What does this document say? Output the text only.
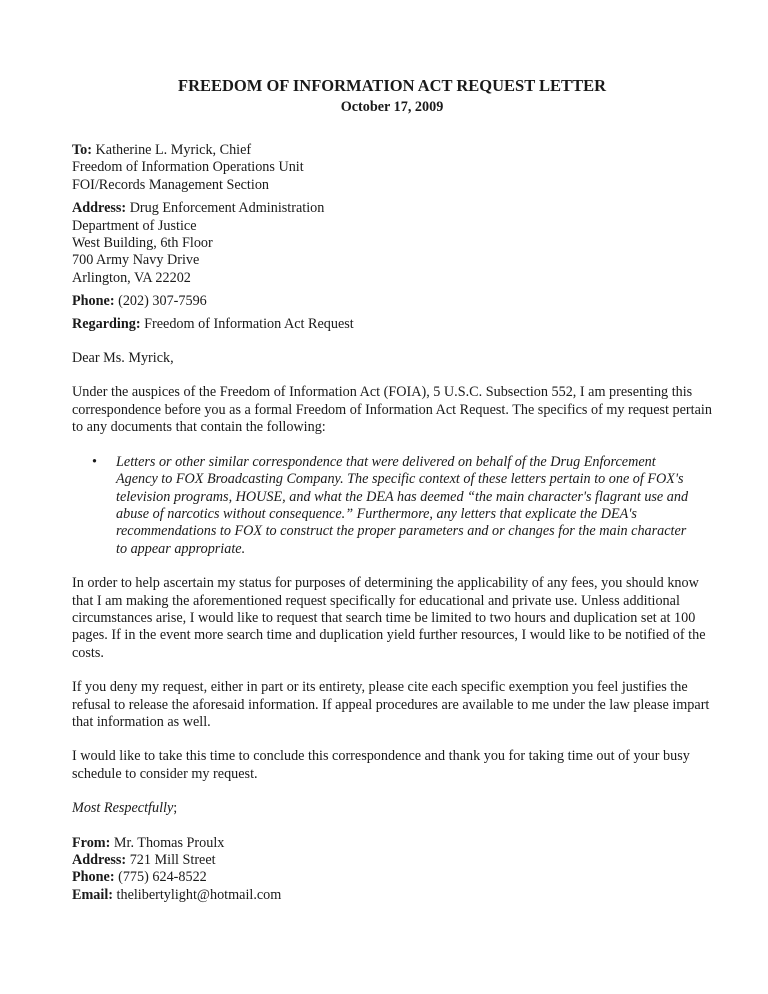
FREEDOM OF INFORMATION ACT REQUEST LETTER
October 17, 2009

To: Katherine L. Myrick, Chief

Freedom of Information Operations Unit

FOI/Records Management Section

Address: Drug Enforcement Administration

Department of Justice

West Building, 6th Floor

700 Army Navy Drive

Arlington, VA 22202

Phone: (202) 307-7596

Regarding: Freedom of Information Act Request

Dear Ms. Myrick,

Under the auspices of the Freedom of Information Act (FOIA), 5 U.S.C. Subsection 552, I am presenting this correspondence before you as a formal Freedom of Information Act Request. The specifics of my request pertain to any documents that contain the following:

• Letters or other similar correspondence that were delivered on behalf of the Drug Enforcement Agency to FOX Broadcasting Company. The specific context of these letters pertain to one of FOX's television programs, HOUSE, and what the DEA has deemed “the main character's flagrant use and abuse of narcotics without consequence.” Furthermore, any letters that explicate the DEA's recommendations to FOX to construct the proper parameters and or changes for the main character to appear appropriate.

In order to help ascertain my status for purposes of determining the applicability of any fees, you should know that I am making the aforementioned request specifically for educational and private use. Unless additional circumstances arise, I would like to request that search time be limited to two hours and duplication set at 100 pages. If in the event more search time and duplication yield further resources, I would like to be notified of the costs.

If you deny my request, either in part or its entirety, please cite each specific exemption you feel justifies the refusal to release the aforesaid information. If appeal procedures are available to me under the law please impart that information as well.

I would like to take this time to conclude this correspondence and thank you for taking time out of your busy schedule to consider my request.

Most Respectfully;

From: Mr. Thomas Proulx

Address: 721 Mill Street

Phone: (775) 624-8522

Email: thelibertylight@hotmail.com
